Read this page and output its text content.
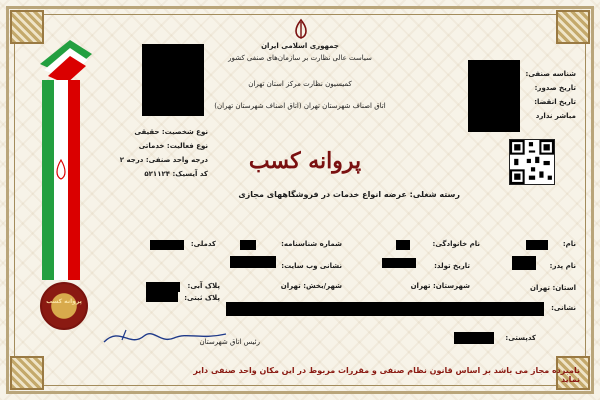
جمهوری اسلامی ایران
سیاست عالی نظارت بر سازمان‌های صنفی کشور
کمیسیون نظارت مرکز استان تهران
اتاق اصناف شهرستان تهران (اتاق اصناف شهرستان تهران)
پروانه کسب
رسته شغلی: عرضه انواع خدمات در فروشگاههای مجازی
پروانه کسب
شناسه صنفی:
تاریخ صدور:
تاریخ انقضا:
مباشر ندارد
نوع شخصیت: حقیقی
نوع فعالیت: خدماتی
درجه واحد صنفی: درجه ۲
کد آیسیک: ۵۲۱۱۲۴
نام:
نام خانوادگی:
شماره شناسنامه:
کدملی:
نام پدر:
تاریخ تولد:
نشانی وب سایت:
استان: تهران
شهرستان: تهران
شهر/بخش: تهران
پلاک آبی:
پلاک ثبتی:
نشانی:
کدپستی:
رئیس اتاق شهرستان
نامبرده مجاز می باشد بر اساس قانون نظام صنفی و مقررات مربوط در این مکان واحد صنفی دایر نماید
